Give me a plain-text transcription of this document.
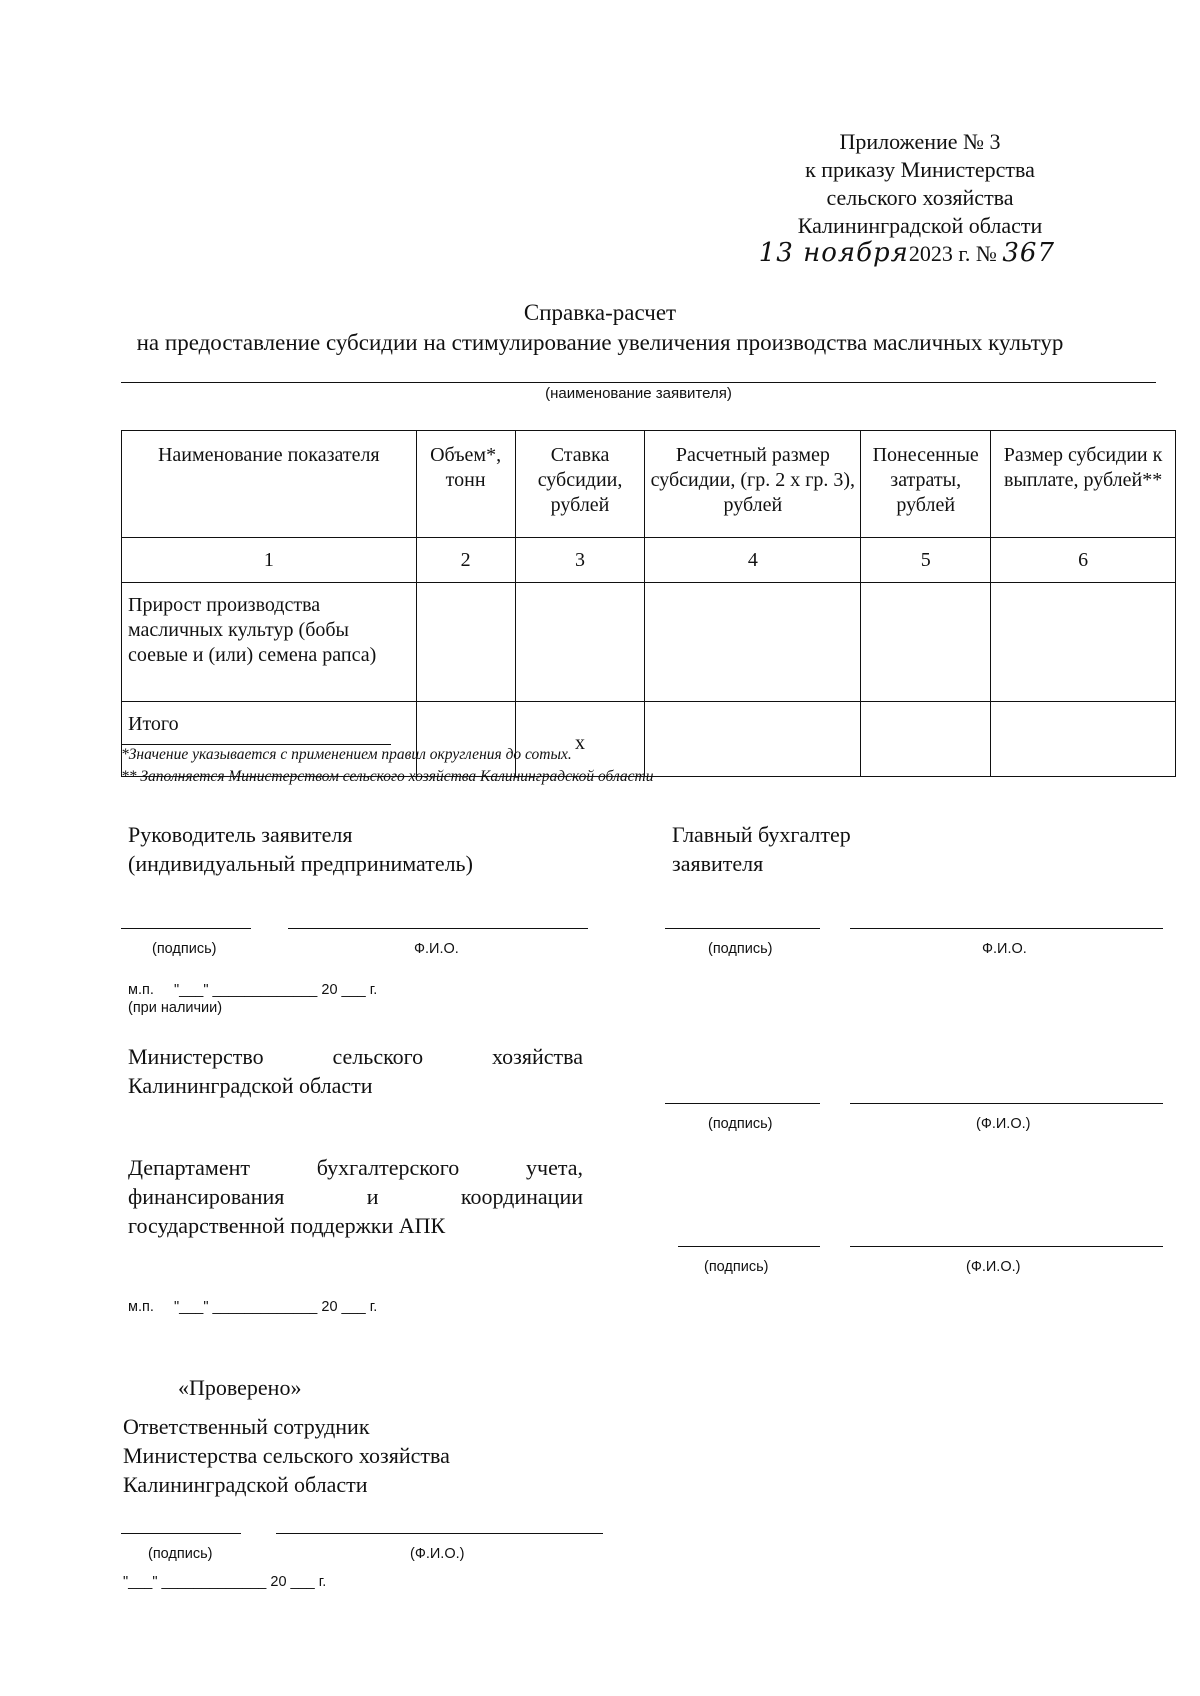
Приложение № 3
к приказу Министерства
сельского хозяйства
Калининградской области
13 ноября2023 г. № 367
Справка-расчет
на предоставление субсидии на стимулирование увеличения производства масличных культур
(наименование заявителя)
Наименование показателя	Объем*, тонн	Ставка субсидии, рублей	Расчетный размер субсидии, (гр. 2 х гр. 3), рублей	Понесенные затраты, рублей	Размер субсидии к выплате, рублей**
1	2	3	4	5	6
Прирост производства масличных культур (бобы соевые и (или) семена рапса)					
Итого		х			
*Значение указывается с применением правил округления до сотых.
** Заполняется Министерством сельского хозяйства Калининградской области
Руководитель заявителя
(индивидуальный предприниматель)
Главный бухгалтер
заявителя
(подпись)	Ф.И.О.	(подпись)	Ф.И.О.
м.п.     "___" _____________ 20 ___ г.
(при наличии)
Министерство сельского хозяйства
Калининградской области
(подпись)	(Ф.И.О.)
Департамент бухгалтерского учета,
финансирования и координации
государственной поддержки АПК
(подпись)	(Ф.И.О.)
м.п.     "___" _____________ 20 ___ г.
«Проверено»
Ответственный сотрудник
Министерства сельского хозяйства
Калининградской области
(подпись)	(Ф.И.О.)
"___" _____________ 20 ___ г.
